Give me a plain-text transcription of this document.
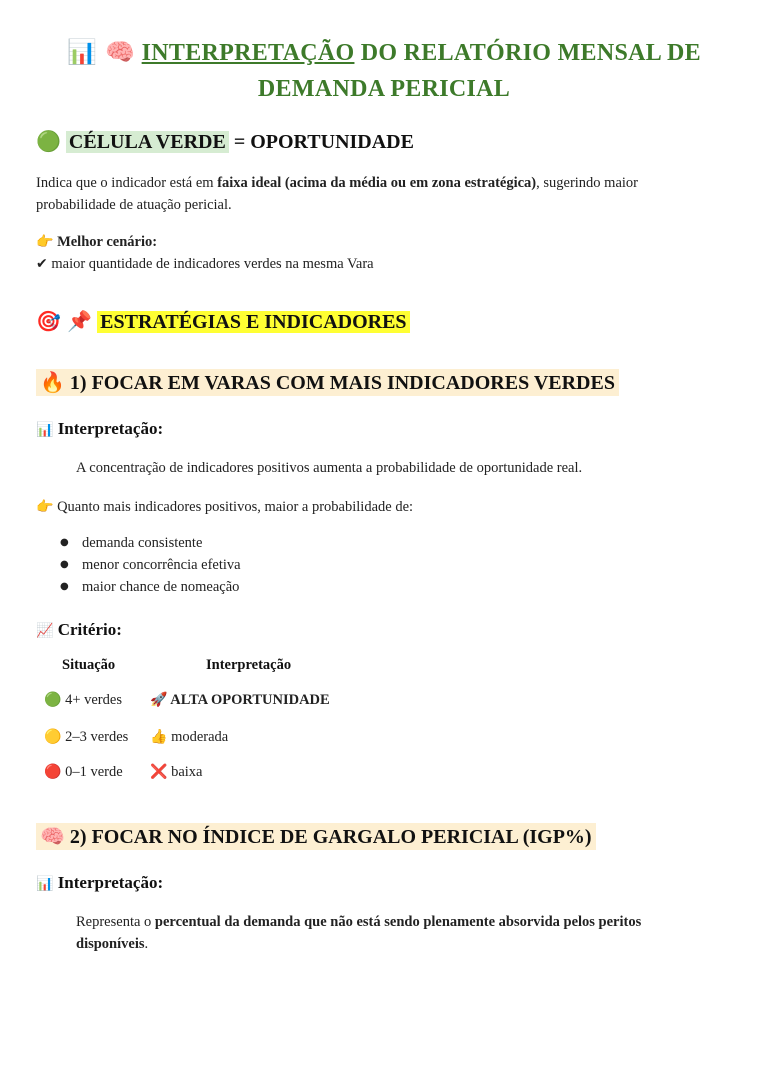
📊 🧠 INTERPRETAÇÃO DO RELATÓRIO MENSAL DE
DEMANDA PERICIAL
🟢 CÉLULA VERDE = OPORTUNIDADE
Indica que o indicador está em faixa ideal (acima da média ou em zona estratégica), sugerindo maior
probabilidade de atuação pericial.
👉 Melhor cenário:
✔ maior quantidade de indicadores verdes na mesma Vara
🎯 📌 ESTRATÉGIAS E INDICADORES
🔥 1) FOCAR EM VARAS COM MAIS INDICADORES VERDES
📊 Interpretação:
A concentração de indicadores positivos aumenta a probabilidade de oportunidade real.
👉 Quanto mais indicadores positivos, maior a probabilidade de:
● demanda consistente
● menor concorrência efetiva
● maior chance de nomeação
📈 Critério:
Situação	Interpretação
🟢 4+ verdes 🚀 ALTA OPORTUNIDADE
🟡 2–3 verdes 👍 moderada
🔴 0–1 verde ❌ baixa
🧠 2) FOCAR NO ÍNDICE DE GARGALO PERICIAL (IGP%)
📊 Interpretação:
Representa o percentual da demanda que não está sendo plenamente absorvida pelos peritos
disponíveis.
